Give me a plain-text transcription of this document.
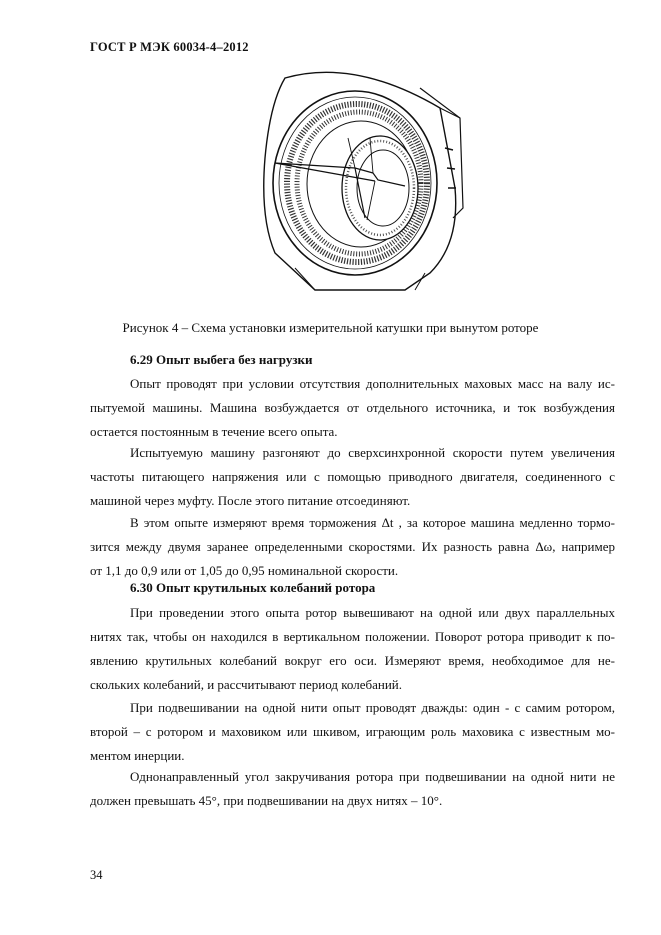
ГОСТ Р МЭК 60034-4–2012
Рисунок 4 – Схема установки измерительной катушки при вынутом роторе
6.29 Опыт выбега без нагрузки
Опыт проводят при условии отсутствия дополнительных маховых масс на валу ис-
пытуемой машины. Машина возбуждается от отдельного источника, и ток возбуждения
остается постоянным в течение всего опыта.
Испытуемую машину разгоняют до сверхсинхронной скорости путем увеличения
частоты питающего напряжения или с помощью приводного двигателя, соединенного с
машиной через муфту. После этого питание отсоединяют.
В этом опыте измеряют время торможения Δt , за которое машина медленно тормо-
зится между двумя заранее определенными скоростями. Их разность равна Δω, например
от 1,1 до 0,9 или от 1,05 до 0,95 номинальной скорости.
6.30 Опыт крутильных колебаний ротора
При проведении этого опыта ротор вывешивают на одной или двух параллельных
нитях так, чтобы он находился в вертикальном положении. Поворот ротора приводит к по-
явлению крутильных колебаний вокруг его оси. Измеряют время, необходимое для не-
скольких колебаний, и рассчитывают период колебаний.
При подвешивании на одной нити опыт проводят дважды: один - с самим ротором,
второй – с ротором и маховиком или шкивом, играющим роль маховика с известным мо-
ментом инерции.
Однонаправленный угол закручивания ротора при подвешивании на одной нити не
должен превышать 45°, при подвешивании на двух нитях – 10°.
34
